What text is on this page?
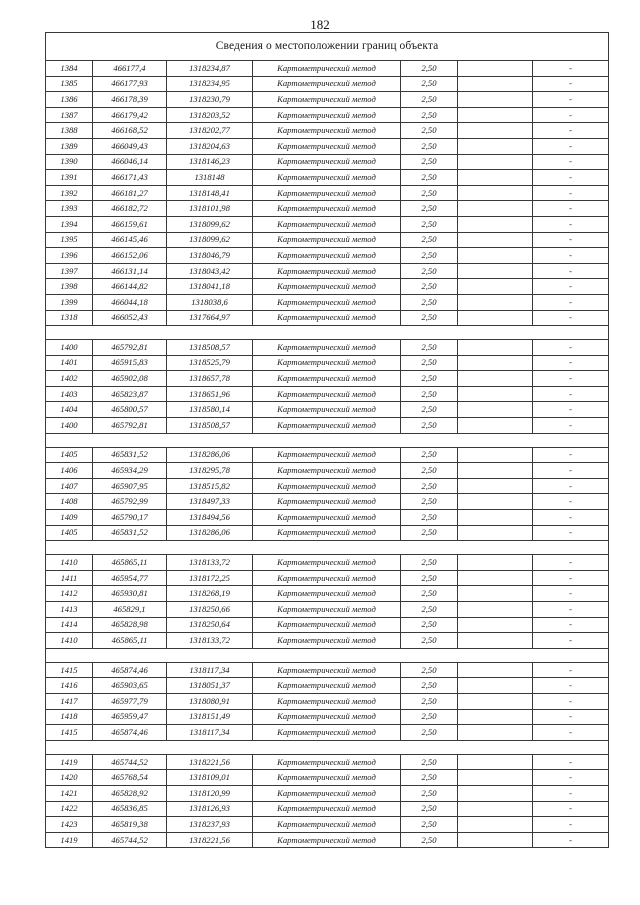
182
Сведения о местоположении границ объекта						
1384	466177,4	1318234,87	Картометрический метод	2,50		-
1385	466177,93	1318234,95	Картометрический метод	2,50		-
1386	466178,39	1318230,79	Картометрический метод	2,50		-
1387	466179,42	1318203,52	Картометрический метод	2,50		-
1388	466168,52	1318202,77	Картометрический метод	2,50		-
1389	466049,43	1318204,63	Картометрический метод	2,50		-
1390	466046,14	1318146,23	Картометрический метод	2,50		-
1391	466171,43	1318148	Картометрический метод	2,50		-
1392	466181,27	1318148,41	Картометрический метод	2,50		-
1393	466182,72	1318101,98	Картометрический метод	2,50		-
1394	466159,61	1318099,62	Картометрический метод	2,50		-
1395	466145,46	1318099,62	Картометрический метод	2,50		-
1396	466152,06	1318046,79	Картометрический метод	2,50		-
1397	466131,14	1318043,42	Картометрический метод	2,50		-
1398	466144,82	1318041,18	Картометрический метод	2,50		-
1399	466044,18	1318038,6	Картометрический метод	2,50		-
1318	466052,43	1317664,97	Картометрический метод	2,50		-

1400	465792,81	1318508,57	Картометрический метод	2,50		-
1401	465915,83	1318525,79	Картометрический метод	2,50		-
1402	465902,08	1318657,78	Картометрический метод	2,50		-
1403	465823,87	1318651,96	Картометрический метод	2,50		-
1404	465800,57	1318580,14	Картометрический метод	2,50		-
1400	465792,81	1318508,57	Картометрический метод	2,50		-

1405	465831,52	1318286,06	Картометрический метод	2,50		-
1406	465934,29	1318295,78	Картометрический метод	2,50		-
1407	465907,95	1318515,82	Картометрический метод	2,50		-
1408	465792,99	1318497,33	Картометрический метод	2,50		-
1409	465790,17	1318494,56	Картометрический метод	2,50		-
1405	465831,52	1318286,06	Картометрический метод	2,50		-

1410	465865,11	1318133,72	Картометрический метод	2,50		-
1411	465954,77	1318172,25	Картометрический метод	2,50		-
1412	465930,81	1318268,19	Картометрический метод	2,50		-
1413	465829,1	1318250,66	Картометрический метод	2,50		-
1414	465828,98	1318250,64	Картометрический метод	2,50		-
1410	465865,11	1318133,72	Картометрический метод	2,50		-

1415	465874,46	1318117,34	Картометрический метод	2,50		-
1416	465903,65	1318051,37	Картометрический метод	2,50		-
1417	465977,79	1318080,91	Картометрический метод	2,50		-
1418	465959,47	1318151,49	Картометрический метод	2,50		-
1415	465874,46	1318117,34	Картометрический метод	2,50		-

1419	465744,52	1318221,56	Картометрический метод	2,50		-
1420	465768,54	1318109,01	Картометрический метод	2,50		-
1421	465828,92	1318120,99	Картометрический метод	2,50		-
1422	465836,85	1318126,93	Картометрический метод	2,50		-
1423	465819,38	1318237,93	Картометрический метод	2,50		-
1419	465744,52	1318221,56	Картометрический метод	2,50		-
